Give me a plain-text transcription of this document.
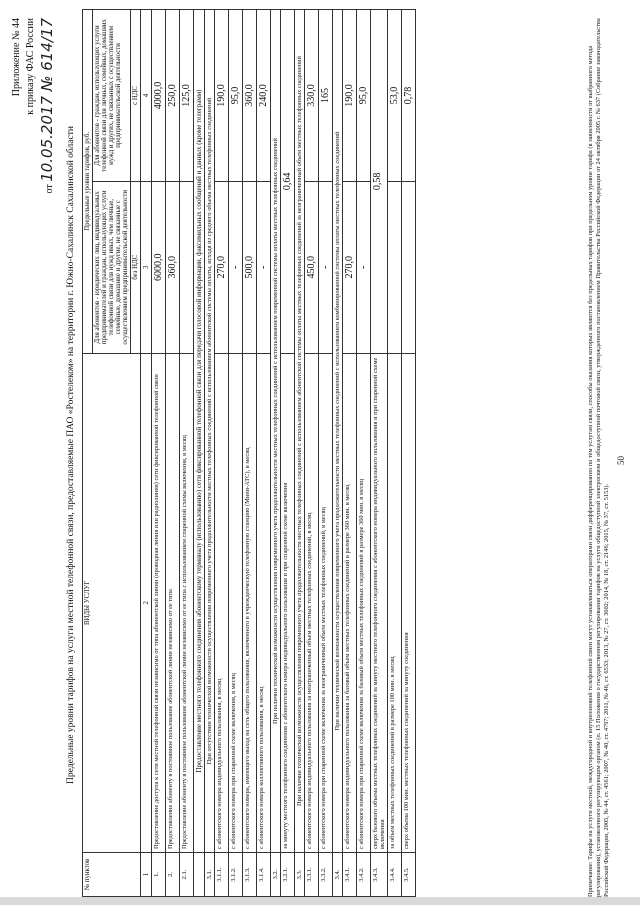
Приложение № 44 к приказу ФАС России
от 10.05.2017 № 614/17
Предельные уровни тарифов на услуги местной телефонной связи, предоставляемые ПАО «Ростелеком» на территории г. Южно-Сахалинск Сахалинской области
№ пунктов	ВИДЫ УСЛУГ	Предельные уровни тарифов, руб.	
		Для абонентов - юридических лиц, индивидуальных предпринимателей и граждан, использующих услуги телефонной связи для нужд иных, чем личные, семейные, домашние и другие, не связанные с осуществлением предпринимательской деятельности	Для абонентов - граждан, использующих услуги телефонной связи для личных, семейных, домашних нужд и других, не связанных с осуществлением предпринимательской деятельности
		без НДС	с НДС
1	2	3	4
1.	Предоставление доступа к сети местной телефонной связи независимо от типа абонентской линии (проводная линия или радиолиния) сети фиксированной телефонной связи	6000,0	4000,0
2.	Предоставление абоненту в постоянное пользование абонентской линии независимо от ее типа	360,0	250,0
2.1.	Предоставление абоненту в постоянное пользование абонентской линии независимо от ее типа с использованием спаренной схемы включения, в месяц		125,0
	Предоставление местного телефонного соединения абонентскому терминалу (использованию) сети фиксированной телефонной связи для передачи голосовой информации, факсимильных сообщений и данных (кроме телеграмм)		
3.1.	При отсутствии технической возможности осуществления повременного учета продолжительности местных телефонных соединений с использованием абонентской системы оплаты, исходя из среднего объема местных телефонных соединений		
3.1.1.	с абонентского номера индивидуального пользования, в месяц	270,0	190,0
3.1.2.	с абонентского номера при спаренной схеме включения, в месяц	-	95,0
3.1.3.	с абонентского номера, имеющего выход на сеть общего пользования, включенного в учрежденческую телефонную станцию (Мини-АТС), в месяц	500,0	360,0
3.1.4.	с абонентского номера коллективного пользования, в месяц	-	240,0
3.2.	При наличии технической возможности осуществления повременного учета продолжительности местных телефонных соединений с использованием повременной системы оплаты местных телефонных соединений		
3.2.1.	за минуту местного телефонного соединения с абонентского номера индивидуального пользования и при спаренной схеме включения	0,64	
3.3.	При наличии технической возможности осуществления повременного учета продолжительности местных телефонных соединений с использованием абонентской системы оплаты местных телефонных соединений за неограниченный объем местных телефонных соединений		
3.3.1.	с абонентского номера индивидуального пользования за неограниченный объем местных телефонных соединений, в месяц	450,0	330,0
3.3.2.	с абонентского номера при спаренной схеме включения за неограниченный объем местных телефонных соединений, в месяц	-	165
3.4.	При наличии технической возможности осуществления повременного учета продолжительности местных телефонных соединений с использованием комбинированной системы оплаты местных телефонных соединений		
3.4.1.	с абонентского номера индивидуального пользования за базовый объем местных телефонных соединений в размере 360 мин. в месяц	270,0	190,0
3.4.2.	с абонентского номера при спаренной схеме включения за базовый объем местных телефонных соединений в размере 360 мин. в месяц	-	95,0
3.4.3.	сверх базового объема местных телефонных соединений за минуту местного телефонного соединения с абонентского номера индивидуального пользования и при спаренной схеме включения	0,58	
3.4.4.	за объем местных телефонных соединений в размере 100 мин. в месяц		53,0
3.4.5.	сверх объема 100 мин. местных телефонных соединений за минуту соединения		0,78
Примечание: Тарифы на услуги местной, междугородной и внутризоновой телефонной связи могут устанавливаться операторами связи дифференцированно по тем услугам связи, способы оказания которых являются без предельных тарифов при предельном уровне тарифа (в зависимости от выбранного метода регулирования), установленного регулирующим органом (п. 15 Положения о государственном регулировании тарифов на услуги общедоступной электросвязи и общедоступной почтовой связи, утвержденного постановлением Правительства Российской Федерации от 24 октября 2005 г. № 637 (Собрание законодательства Российской Федерации, 2005, № 44, ст. 4561; 2007, № 40, ст. 4797; 2011, № 46, ст. 6533; 2013, № 27, ст. 3602; 2014, № 18, ст. 2146; 2015, № 37, ст. 5153).
50
